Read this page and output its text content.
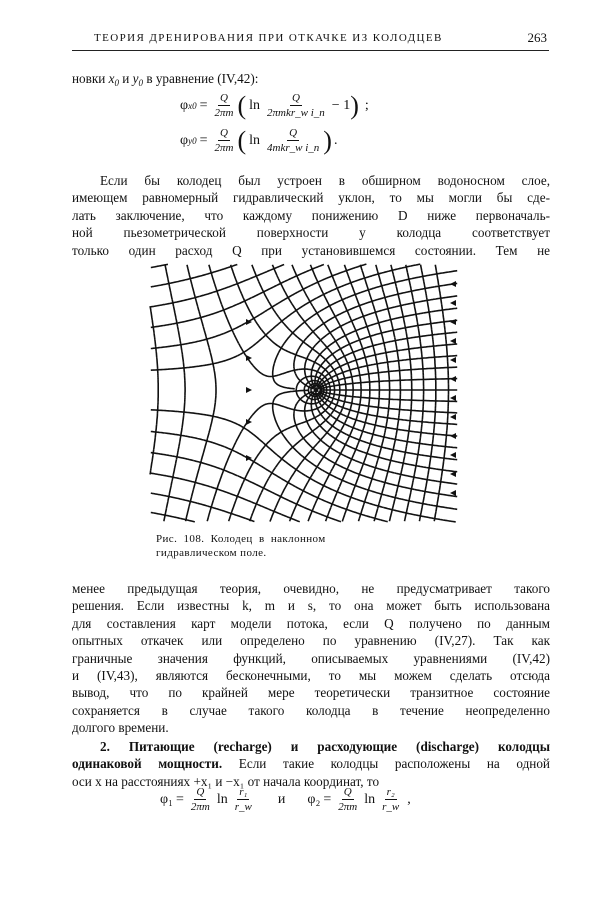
ТЕОРИЯ ДРЕНИРОВАНИЯ ПРИ ОТКАЧКЕ ИЗ КОЛОДЦЕВ	263
новки $x_0$ и $y_0$ в уравнение (IV,42):
φ $x0 = \frac{Q}{2\pi m}$ ( $\ln \frac{Q}{\text{2πmkr\_w i\_n}} - 1$ ) ;
φ $y0 = \frac{Q}{2\pi m}$ ( $\ln \frac{Q}{\text{4mkr\_w i\_n}}$ ) .
Если бы колодец был устроен в обширном водоносном слое,
имеющем равномерный гидравлический уклон, то мы могли бы сде-
лать заключение, что каждому понижению D ниже первоначаль-
ной пьезометрической поверхности у колодца соответствует
только один расход Q при установившемся состоянии. Тем не
Рис.  108.  Колодец  в  наклонном
гидравлическом поле.
менее предыдущая теория, очевидно, не предусматривает такого
решения. Если известны k, m и s, то она может быть использована
для составления карт модели потока, если Q получено по данным
опытных откачек или определено по уравнению (IV,27). Так как
граничные значения функций, описываемых уравнениями (IV,42)
и (IV,43), являются бесконечными, то мы можем сделать отсюда
вывод, что по крайней мере теоретически транзитное состояние
сохраняется в случае такого колодца в течение неопределенно
долгого времени.
2. Питающие (recharge) и расходующие (discharge) колодцы
одинаковой мощности. Если такие колодцы расположены на одной
оси x на расстояниях +x₁ и −x₁ от начала координат, то
$\varphi_1 = \frac{Q}{2\pi m}$ $\ln \frac{\text{r₁}}{r\_w}$ и $\varphi_2 = \frac{Q}{2\pi m}$ $\ln \frac{\text{r₂}}{r\_w}$ ,
